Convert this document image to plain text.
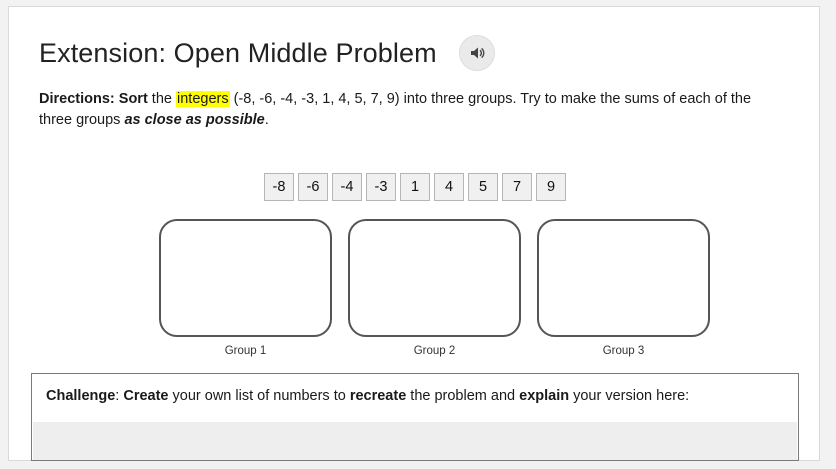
Extension: Open Middle Problem
Directions: Sort the integers (-8, -6, -4, -3, 1, 4, 5, 7, 9) into three groups. Try to make the sums of each of the three groups as close as possible.
-8	-6	-4	-3	1	4	5	7	9
Group 1	Group 2	Group 3
Challenge: Create your own list of numbers to recreate the problem and explain your version here:
